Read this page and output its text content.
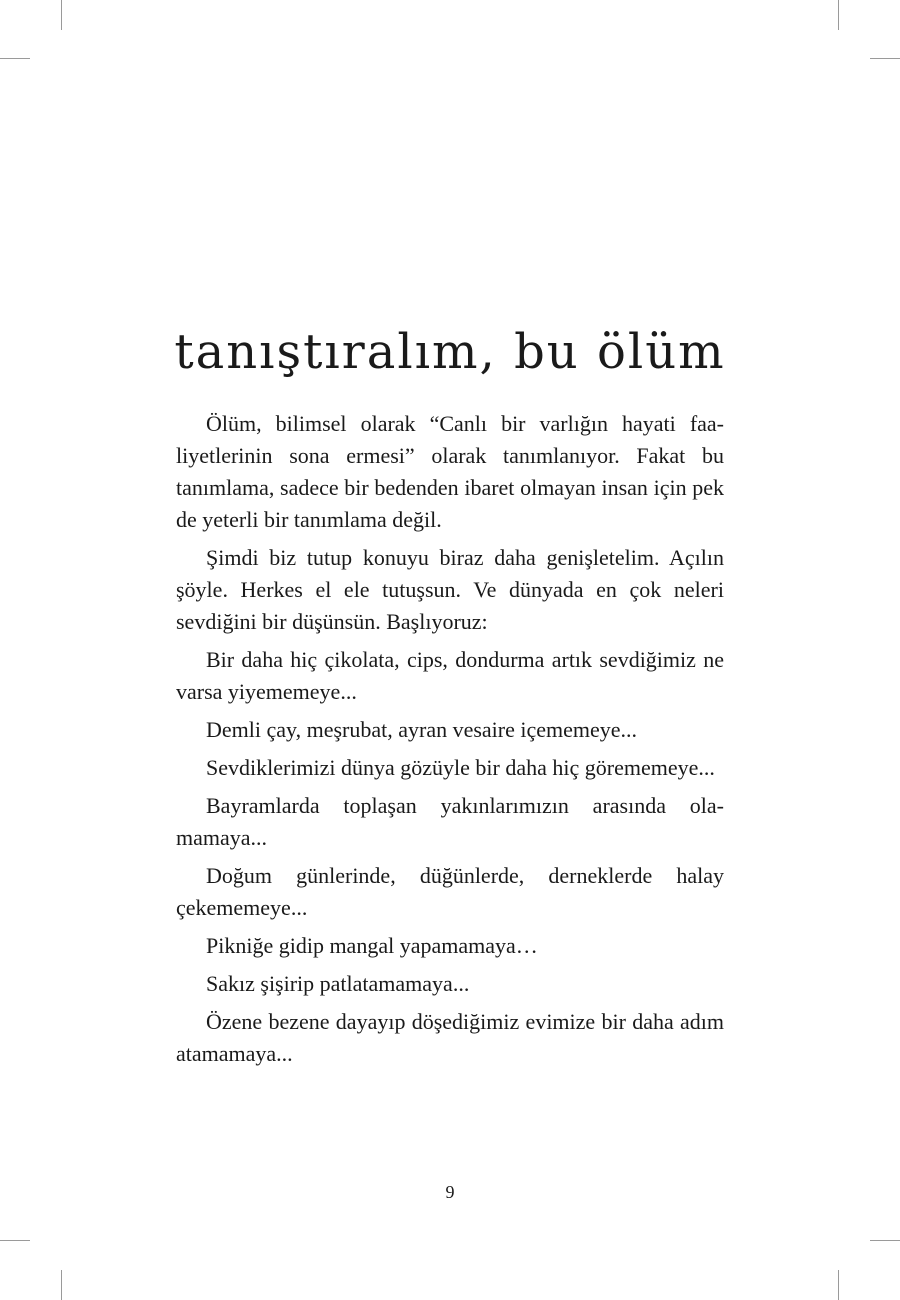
tanıştıralım, bu ölüm

Ölüm, bilimsel olarak “Canlı bir varlığın hayati faaliyetlerinin sona ermesi” olarak tanımlanıyor. Fakat bu tanımlama, sadece bir bedenden ibaret olmayan insan için pek de yeterli bir tanımlama değil.

Şimdi biz tutup konuyu biraz daha genişletelim. Açılın şöyle. Herkes el ele tutuşsun. Ve dünyada en çok neleri sevdiğini bir düşünsün. Başlıyoruz:

Bir daha hiç çikolata, cips, dondurma artık sevdiğimiz ne varsa yiyememeye...

Demli çay, meşrubat, ayran vesaire içememeye...

Sevdiklerimizi dünya gözüyle bir daha hiç görememeye...

Bayramlarda toplaşan yakınlarımızın arasında olamamaya...

Doğum günlerinde, düğünlerde, derneklerde halay çekememeye...

Pikniğe gidip mangal yapamamaya…

Sakız şişirip patlatamamaya...

Özene bezene dayayıp döşediğimiz evimize bir daha adım atamamaya...

9
